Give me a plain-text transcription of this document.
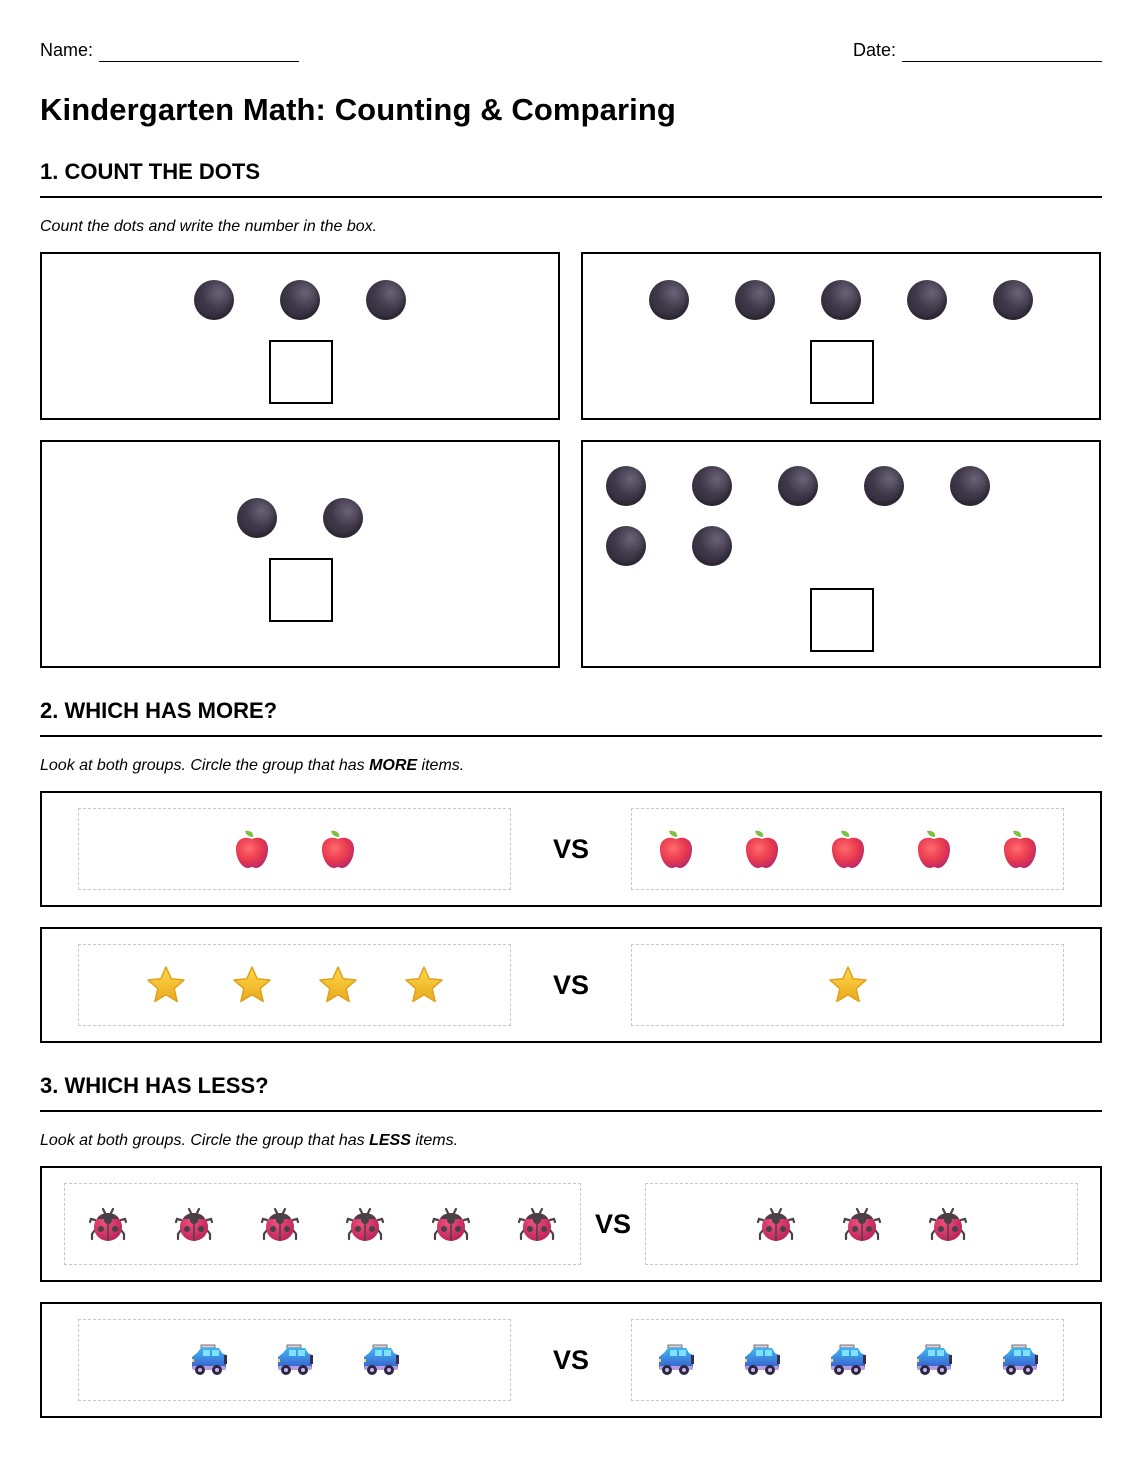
Name:	Date:
Kindergarten Math: Counting & Comparing
1. COUNT THE DOTS

Count the dots and write the number in the box.

2. WHICH HAS MORE?

Look at both groups. Circle the group that has MORE items.

VS
VS
3. WHICH HAS LESS?

Look at both groups. Circle the group that has LESS items.

VS
VS
